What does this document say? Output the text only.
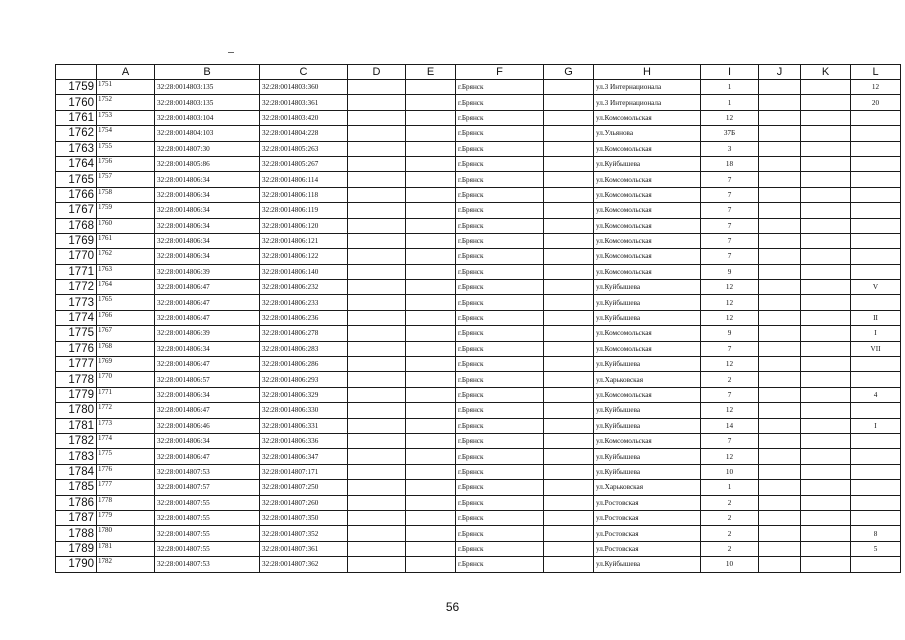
	A	B	C	D	E	F	G	H	I	J	K	L
1759	1751	32:28:0014803:135	32:28:0014803:360			г.Брянск		ул.3 Интернационала	1			12
1760	1752	32:28:0014803:135	32:28:0014803:361			г.Брянск		ул.3 Интернационала	1			20
1761	1753	32:28:0014803:104	32:28:0014803:420			г.Брянск		ул.Комсомольская	12			
1762	1754	32:28:0014804:103	32:28:0014804:228			г.Брянск		ул.Ульянова	37Б			
1763	1755	32:28:0014807:30	32:28:0014805:263			г.Брянск		ул.Комсомольская	3			
1764	1756	32:28:0014805:86	32:28:0014805:267			г.Брянск		ул.Куйбышева	18			
1765	1757	32:28:0014806:34	32:28:0014806:114			г.Брянск		ул.Комсомольская	7			
1766	1758	32:28:0014806:34	32:28:0014806:118			г.Брянск		ул.Комсомольская	7			
1767	1759	32:28:0014806:34	32:28:0014806:119			г.Брянск		ул.Комсомольская	7			
1768	1760	32:28:0014806:34	32:28:0014806:120			г.Брянск		ул.Комсомольская	7			
1769	1761	32:28:0014806:34	32:28:0014806:121			г.Брянск		ул.Комсомольская	7			
1770	1762	32:28:0014806:34	32:28:0014806:122			г.Брянск		ул.Комсомольская	7			
1771	1763	32:28:0014806:39	32:28:0014806:140			г.Брянск		ул.Комсомольская	9			
1772	1764	32:28:0014806:47	32:28:0014806:232			г.Брянск		ул.Куйбышева	12			V
1773	1765	32:28:0014806:47	32:28:0014806:233			г.Брянск		ул.Куйбышева	12			
1774	1766	32:28:0014806:47	32:28:0014806:236			г.Брянск		ул.Куйбышева	12			II
1775	1767	32:28:0014806:39	32:28:0014806:278			г.Брянск		ул.Комсомольская	9			I
1776	1768	32:28:0014806:34	32:28:0014806:283			г.Брянск		ул.Комсомольская	7			VII
1777	1769	32:28:0014806:47	32:28:0014806:286			г.Брянск		ул.Куйбышева	12			
1778	1770	32:28:0014806:57	32:28:0014806:293			г.Брянск		ул.Харьковская	2			
1779	1771	32:28:0014806:34	32:28:0014806:329			г.Брянск		ул.Комсомольская	7			4
1780	1772	32:28:0014806:47	32:28:0014806:330			г.Брянск		ул.Куйбышева	12			
1781	1773	32:28:0014806:46	32:28:0014806:331			г.Брянск		ул.Куйбышева	14			I
1782	1774	32:28:0014806:34	32:28:0014806:336			г.Брянск		ул.Комсомольская	7			
1783	1775	32:28:0014806:47	32:28:0014806:347			г.Брянск		ул.Куйбышева	12			
1784	1776	32:28:0014807:53	32:28:0014807:171			г.Брянск		ул.Куйбышева	10			
1785	1777	32:28:0014807:57	32:28:0014807:250			г.Брянск		ул.Харьковская	1			
1786	1778	32:28:0014807:55	32:28:0014807:260			г.Брянск		ул.Ростовская	2			
1787	1779	32:28:0014807:55	32:28:0014807:350			г.Брянск		ул.Ростовская	2			
1788	1780	32:28:0014807:55	32:28:0014807:352			г.Брянск		ул.Ростовская	2			8
1789	1781	32:28:0014807:55	32:28:0014807:361			г.Брянск		ул.Ростовская	2			5
1790	1782	32:28:0014807:53	32:28:0014807:362			г.Брянск		ул.Куйбышева	10			
56
